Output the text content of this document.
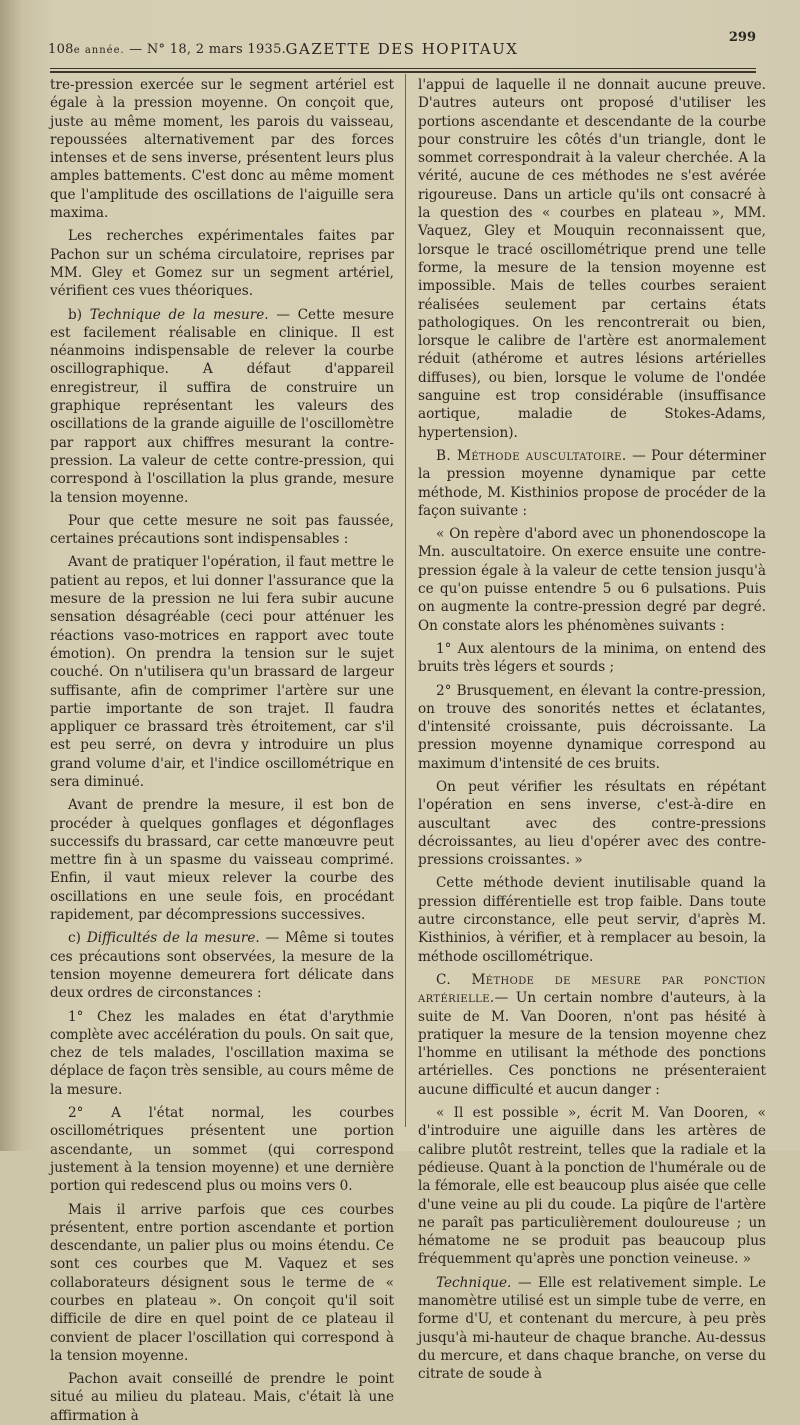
108e année. — N° 18, 2 mars 1935. GAZETTE DES HOPITAUX
299

tre-pression exercée sur le segment artériel est égale à la pression moyenne. On conçoit que, juste au même moment, les parois du vaisseau, repoussées alternativement par des forces intenses et de sens inverse, présentent leurs plus amples battements. C'est donc au même moment que l'amplitude des oscillations de l'aiguille sera maxima.

Les recherches expérimentales faites par Pachon sur un schéma circulatoire, reprises par MM. Gley et Gomez sur un segment artériel, vérifient ces vues théoriques.

b) Technique de la mesure. — Cette mesure est facilement réalisable en clinique. Il est néanmoins indispensable de relever la courbe oscillographique. A défaut d'appareil enregistreur, il suffira de construire un graphique représentant les valeurs des oscillations de la grande aiguille de l'oscillomètre par rapport aux chiffres mesurant la contre-pression. La valeur de cette contre-pression, qui correspond à l'oscillation la plus grande, mesure la tension moyenne.

Pour que cette mesure ne soit pas faussée, certaines précautions sont indispensables :

Avant de pratiquer l'opération, il faut mettre le patient au repos, et lui donner l'assurance que la mesure de la pression ne lui fera subir aucune sensation désagréable (ceci pour atténuer les réactions vaso-motrices en rapport avec toute émotion). On prendra la tension sur le sujet couché. On n'utilisera qu'un brassard de largeur suffisante, afin de comprimer l'artère sur une partie importante de son trajet. Il faudra appliquer ce brassard très étroitement, car s'il est peu serré, on devra y introduire un plus grand volume d'air, et l'indice oscillométrique en sera diminué.

Avant de prendre la mesure, il est bon de procéder à quelques gonflages et dégonflages successifs du brassard, car cette manœuvre peut mettre fin à un spasme du vaisseau comprimé. Enfin, il vaut mieux relever la courbe des oscillations en une seule fois, en procédant rapidement, par décompressions successives.

c) Difficultés de la mesure. — Même si toutes ces précautions sont observées, la mesure de la tension moyenne demeurera fort délicate dans deux ordres de circonstances :

1° Chez les malades en état d'arythmie complète avec accélération du pouls. On sait que, chez de tels malades, l'oscillation maxima se déplace de façon très sensible, au cours même de la mesure.

2° A l'état normal, les courbes oscillométriques présentent une portion ascendante, un sommet (qui correspond justement à la tension moyenne) et une dernière portion qui redescend plus ou moins vers 0.

Mais il arrive parfois que ces courbes présentent, entre portion ascendante et portion descendante, un palier plus ou moins étendu. Ce sont ces courbes que M. Vaquez et ses collaborateurs désignent sous le terme de « courbes en plateau ». On conçoit qu'il soit difficile de dire en quel point de ce plateau il convient de placer l'oscillation qui correspond à la tension moyenne.

Pachon avait conseillé de prendre le point situé au milieu du plateau. Mais, c'était là une affirmation à

l'appui de laquelle il ne donnait aucune preuve. D'autres auteurs ont proposé d'utiliser les portions ascendante et descendante de la courbe pour construire les côtés d'un triangle, dont le sommet correspondrait à la valeur cherchée. A la vérité, aucune de ces méthodes ne s'est avérée rigoureuse. Dans un article qu'ils ont consacré à la question des « courbes en plateau », MM. Vaquez, Gley et Mouquin reconnaissent que, lorsque le tracé oscillométrique prend une telle forme, la mesure de la tension moyenne est impossible. Mais de telles courbes seraient réalisées seulement par certains états pathologiques. On les rencontrerait ou bien, lorsque le calibre de l'artère est anormalement réduit (athérome et autres lésions artérielles diffuses), ou bien, lorsque le volume de l'ondée sanguine est trop considérable (insuffisance aortique, maladie de Stokes-Adams, hypertension).

B. Méthode auscultatoire. — Pour déterminer la pression moyenne dynamique par cette méthode, M. Kisthinios propose de procéder de la façon suivante :

« On repère d'abord avec un phonendoscope la Mn. auscultatoire. On exerce ensuite une contre-pression égale à la valeur de cette tension jusqu'à ce qu'on puisse entendre 5 ou 6 pulsations. Puis on augmente la contre-pression degré par degré. On constate alors les phénomènes suivants :

1° Aux alentours de la minima, on entend des bruits très légers et sourds ;

2° Brusquement, en élevant la contre-pression, on trouve des sonorités nettes et éclatantes, d'intensité croissante, puis décroissante. La pression moyenne dynamique correspond au maximum d'intensité de ces bruits.

On peut vérifier les résultats en répétant l'opération en sens inverse, c'est-à-dire en auscultant avec des contre-pressions décroissantes, au lieu d'opérer avec des contre-pressions croissantes. »

Cette méthode devient inutilisable quand la pression différentielle est trop faible. Dans toute autre circonstance, elle peut servir, d'après M. Kisthinios, à vérifier, et à remplacer au besoin, la méthode oscillométrique.

C. Méthode de mesure par ponction artérielle.— Un certain nombre d'auteurs, à la suite de M. Van Dooren, n'ont pas hésité à pratiquer la mesure de la tension moyenne chez l'homme en utilisant la méthode des ponctions artérielles. Ces ponctions ne présenteraient aucune difficulté et aucun danger :

« Il est possible », écrit M. Van Dooren, « d'introduire une aiguille dans les artères de calibre plutôt restreint, telles que la radiale et la pédieuse. Quant à la ponction de l'humérale ou de la fémorale, elle est beaucoup plus aisée que celle d'une veine au pli du coude. La piqûre de l'artère ne paraît pas particulièrement douloureuse ; un hématome ne se produit pas beaucoup plus fréquemment qu'après une ponction veineuse. »

Technique. — Elle est relativement simple. Le manomètre utilisé est un simple tube de verre, en forme d'U, et contenant du mercure, à peu près jusqu'à mi-hauteur de chaque branche. Au-dessus du mercure, et dans chaque branche, on verse du citrate de soude à
